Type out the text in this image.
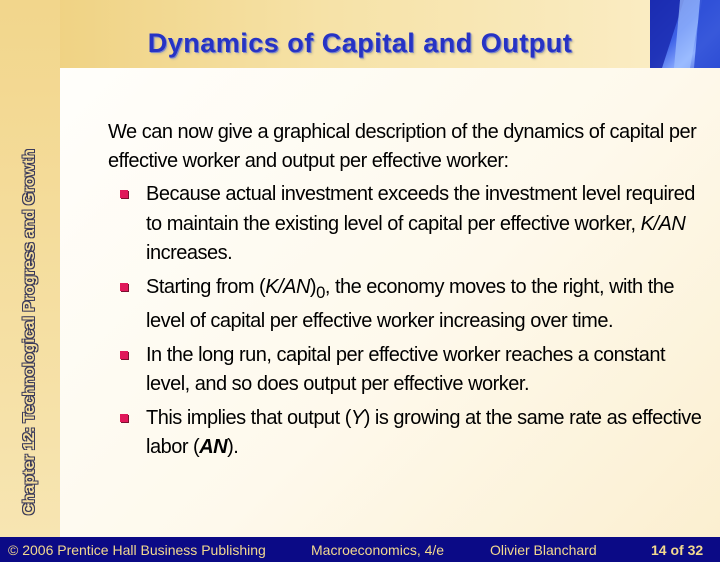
Dynamics of Capital and Output
Chapter 12: Technological Progress and Growth

We can now give a graphical description of the dynamics of capital per effective worker and output per effective worker:

Because actual investment exceeds the investment level required to maintain the existing level of capital per effective worker, K/AN increases.
Starting from $(K/AN)_0$, the economy moves to the right, with the level of capital per effective worker increasing over time.
In the long run, capital per effective worker reaches a constant level, and so does output per effective worker.
This implies that output (Y) is growing at the same rate as effective labor (AN).
© 2006 Prentice Hall Business Publishing	Macroeconomics, 4/e	Olivier Blanchard	14 of 32
